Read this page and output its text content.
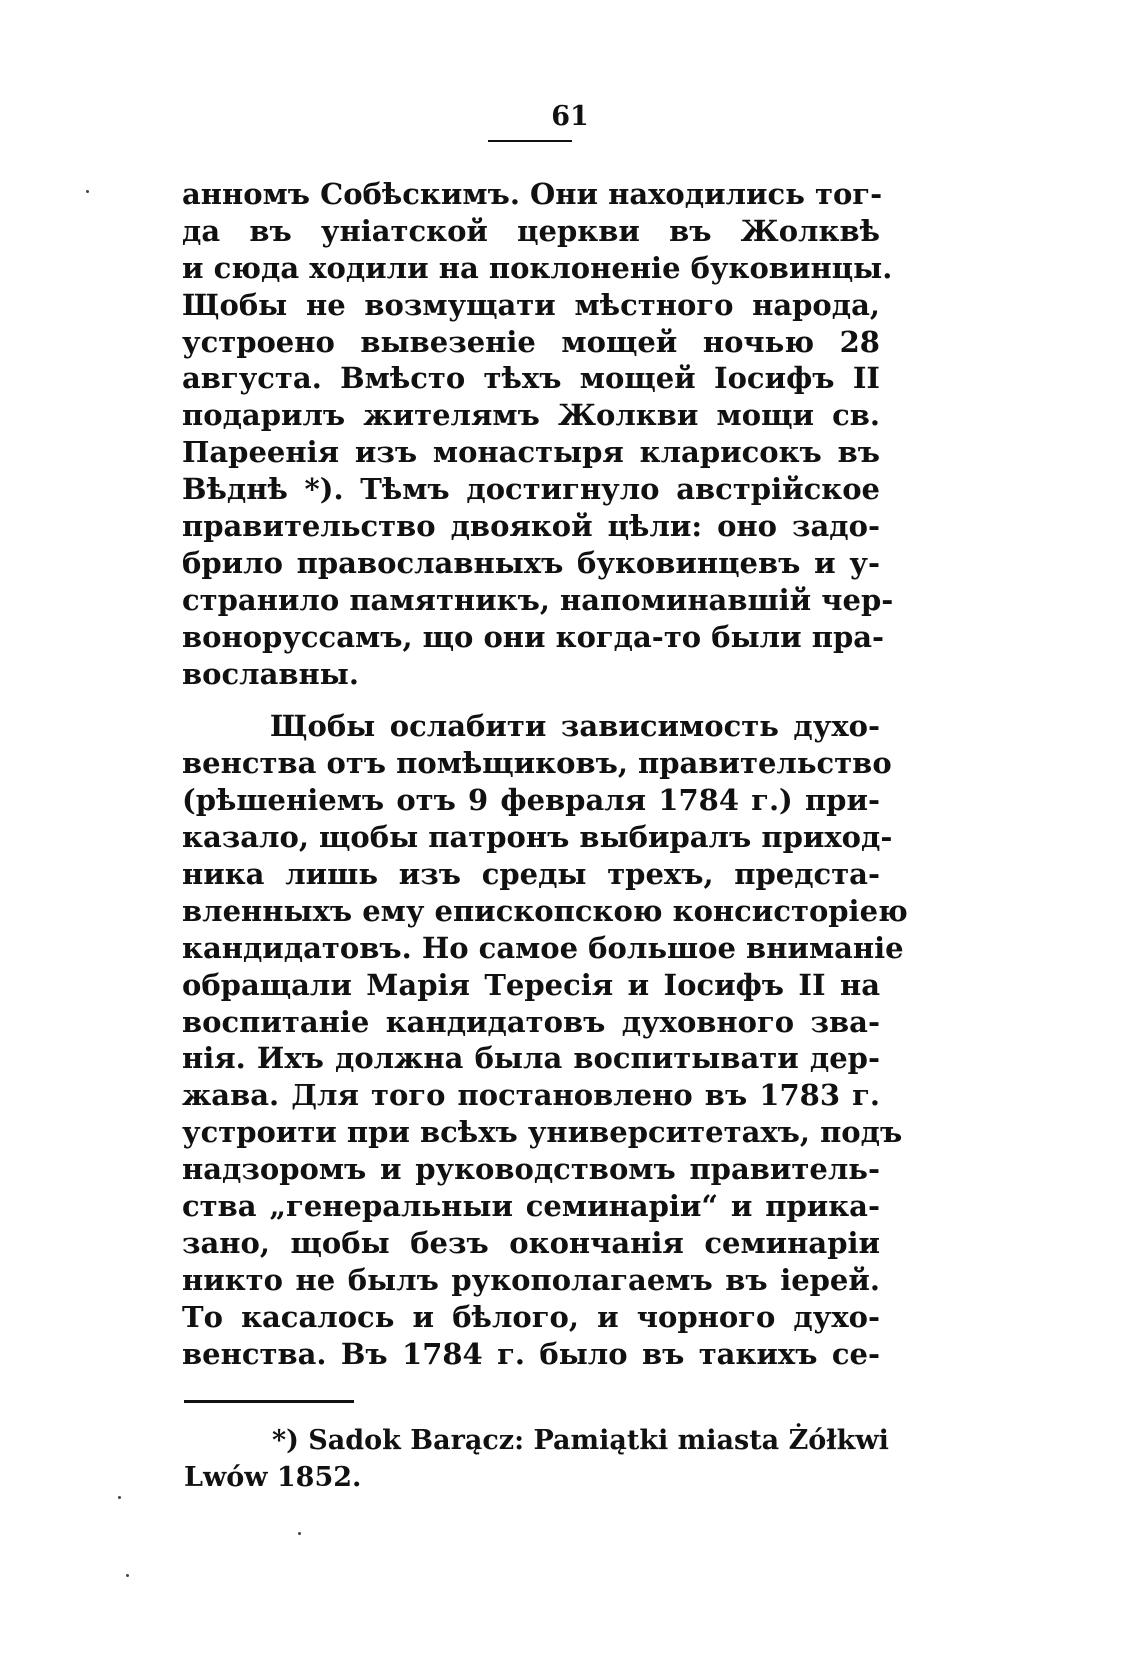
61
анномъ Собѣскимъ. Они находились тог-
да въ уніатской церкви въ Жолквѣ
и сюда ходили на поклоненіе буковинцы.
Щобы не возмущати мѣстного народа,
устроено вывезеніе мощей ночью 28
августа. Вмѣсто тѣхъ мощей Іосифъ II
подарилъ жителямъ Жолкви мощи св.
Пареенія изъ монастыря кларисокъ въ
Вѣднѣ *). Тѣмъ достигнуло австрійское
правительство двоякой цѣли: оно задо-
брило православныхъ буковинцевъ и у-
странило памятникъ, напоминавшій чер-
вонoруссамъ, що они когда-то были пра-
вославны.
Щобы ослабити зависимость духо-
венства отъ помѣщиковъ, правительство
(рѣшеніемъ отъ 9 февраля 1784 г.) при-
казало, щобы патронъ выбиралъ приход-
ника лишь изъ среды трехъ, предста-
вленныхъ ему епископскою консисторіею
кандидатовъ. Но самое большое вниманіе
обращали Марія Тересія и Іосифъ II на
воспитаніе кандидатовъ духовного зва-
нія. Ихъ должна была воспитывати дер-
жава. Для того постановлено въ 1783 г.
устроити при всѣхъ университетахъ, подъ
надзоромъ и руководствомъ правитель-
ства „генеральныи семинаріи“ и прика-
зано, щобы безъ окончанія семинаріи
никто не былъ рукополагаемъ въ іерей.
То касалось и бѣлого, и чорного духо-
венства. Въ 1784 г. было въ такихъ се-
*) Sadok Barącz: Pamiątki miasta Żółkwi
Lwów 1852.
